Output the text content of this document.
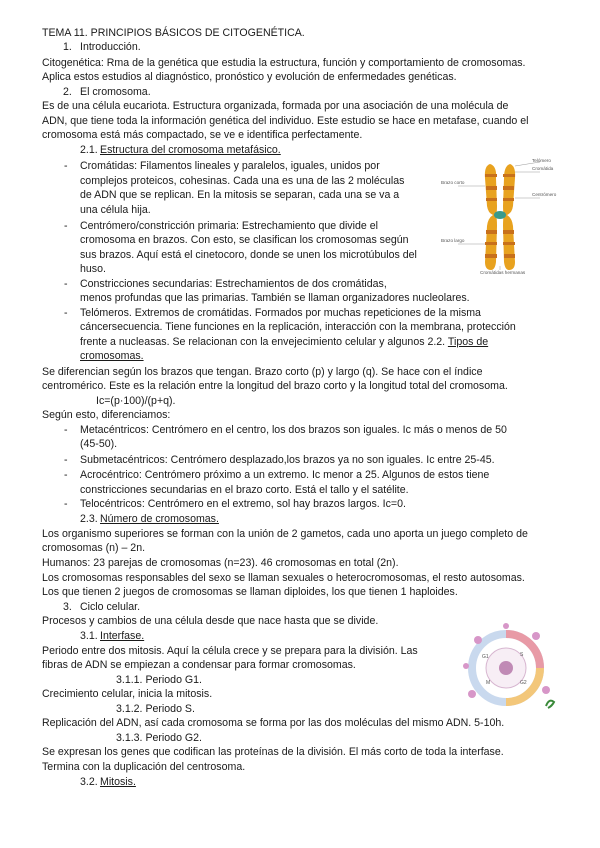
TEMA 11. PRINCIPIOS BÁSICOS DE CITOGENÉTICA.
1. Introducción.
Citogenética: Rma de la genética que estudia la estructura, función y comportamiento de cromosomas.
Aplica estos estudios al diagnóstico, pronóstico y evolución de enfermedades genéticas.
2. El cromosoma.
Es de una célula eucariota. Estructura organizada, formada por una asociación de una molécula de
ADN, que tiene toda la información genética del individuo. Este estudio se hace en metafase, cuando el
cromosoma está más compactado, se ve e identifica perfectamente.
2.1. Estructura del cromosoma metafásico.
- Cromátidas: Filamentos lineales y paralelos, iguales, unidos por
complejos proteicos, cohesinas. Cada una es una de las 2 moléculas
de ADN que se replican. En la mitosis se separan, cada una se va a
una célula hija.
- Centrómero/constricción primaria: Estrechamiento que divide el
cromosoma en brazos. Con esto, se clasifican los cromosomas según
sus brazos. Aquí está el cinetocoro, donde se unen los microtúbulos del
huso.
- Constricciones secundarias: Estrechamientos de dos cromátidas,
menos profundas que las primarias. También se llaman organizadores nucleolares.
- Telómeros. Extremos de cromátidas. Formados por muchas repeticiones de la misma
cáncersecuencia. Tiene funciones en la replicación, interacción con la membrana, protección
frente a nucleasas. Se relacionan con la envejecimiento celular y algunos 2.2. Tipos de
cromosomas.
Se diferencian según los brazos que tengan. Brazo corto (p) y largo (q). Se hace con el índice
centromérico. Este es la relación entre la longitud del brazo corto y la longitud total del cromosoma.
Ic=(p·100)/(p+q).
Según esto, diferenciamos:
- Metacéntricos: Centrómero en el centro, los dos brazos son iguales. Ic más o menos de 50
(45-50).
- Submetacéntricos: Centrómero desplazado,los brazos ya no son iguales. Ic entre 25-45.
- Acrocéntrico: Centrómero próximo a un extremo. Ic menor a 25. Algunos de estos tiene
constricciones secundarias en el brazo corto. Está el tallo y el satélite.
- Telocéntricos: Centrómero en el extremo, sol hay brazos largos. Ic=0.
2.3. Número de cromosomas.
Los organismo superiores se forman con la unión de 2 gametos, cada uno aporta un juego completo de
cromosomas (n) – 2n.
Humanos: 23 parejas de cromosomas (n=23). 46 cromosomas en total (2n).
Los cromosomas responsables del sexo se llaman sexuales o heterocromosomas, el resto autosomas.
Los que tienen 2 juegos de cromosomas se llaman diploides, los que tienen 1 haploides.
3. Ciclo celular.
Procesos y cambios de una célula desde que nace hasta que se divide.
3.1. Interfase.
Periodo entre dos mitosis. Aquí la célula crece y se prepara para la división. Las
fibras de ADN se empiezan a condensar para formar cromosomas.
3.1.1. Periodo G1.
Crecimiento celular, inicia la mitosis.
3.1.2. Periodo S.
Replicación del ADN, así cada cromosoma se forma por las dos moléculas del mismo ADN. 5-10h.
3.1.3. Periodo G2.
Se expresan los genes que codifican las proteínas de la división. El más corto de toda la interfase.
Termina con la duplicación del centrosoma.
3.2. Mitosis.
Brazo corto
Cromátida
Centrómero
Telómero
Brazo largo
Cromátidas hermanas
G1	S
G2
M
